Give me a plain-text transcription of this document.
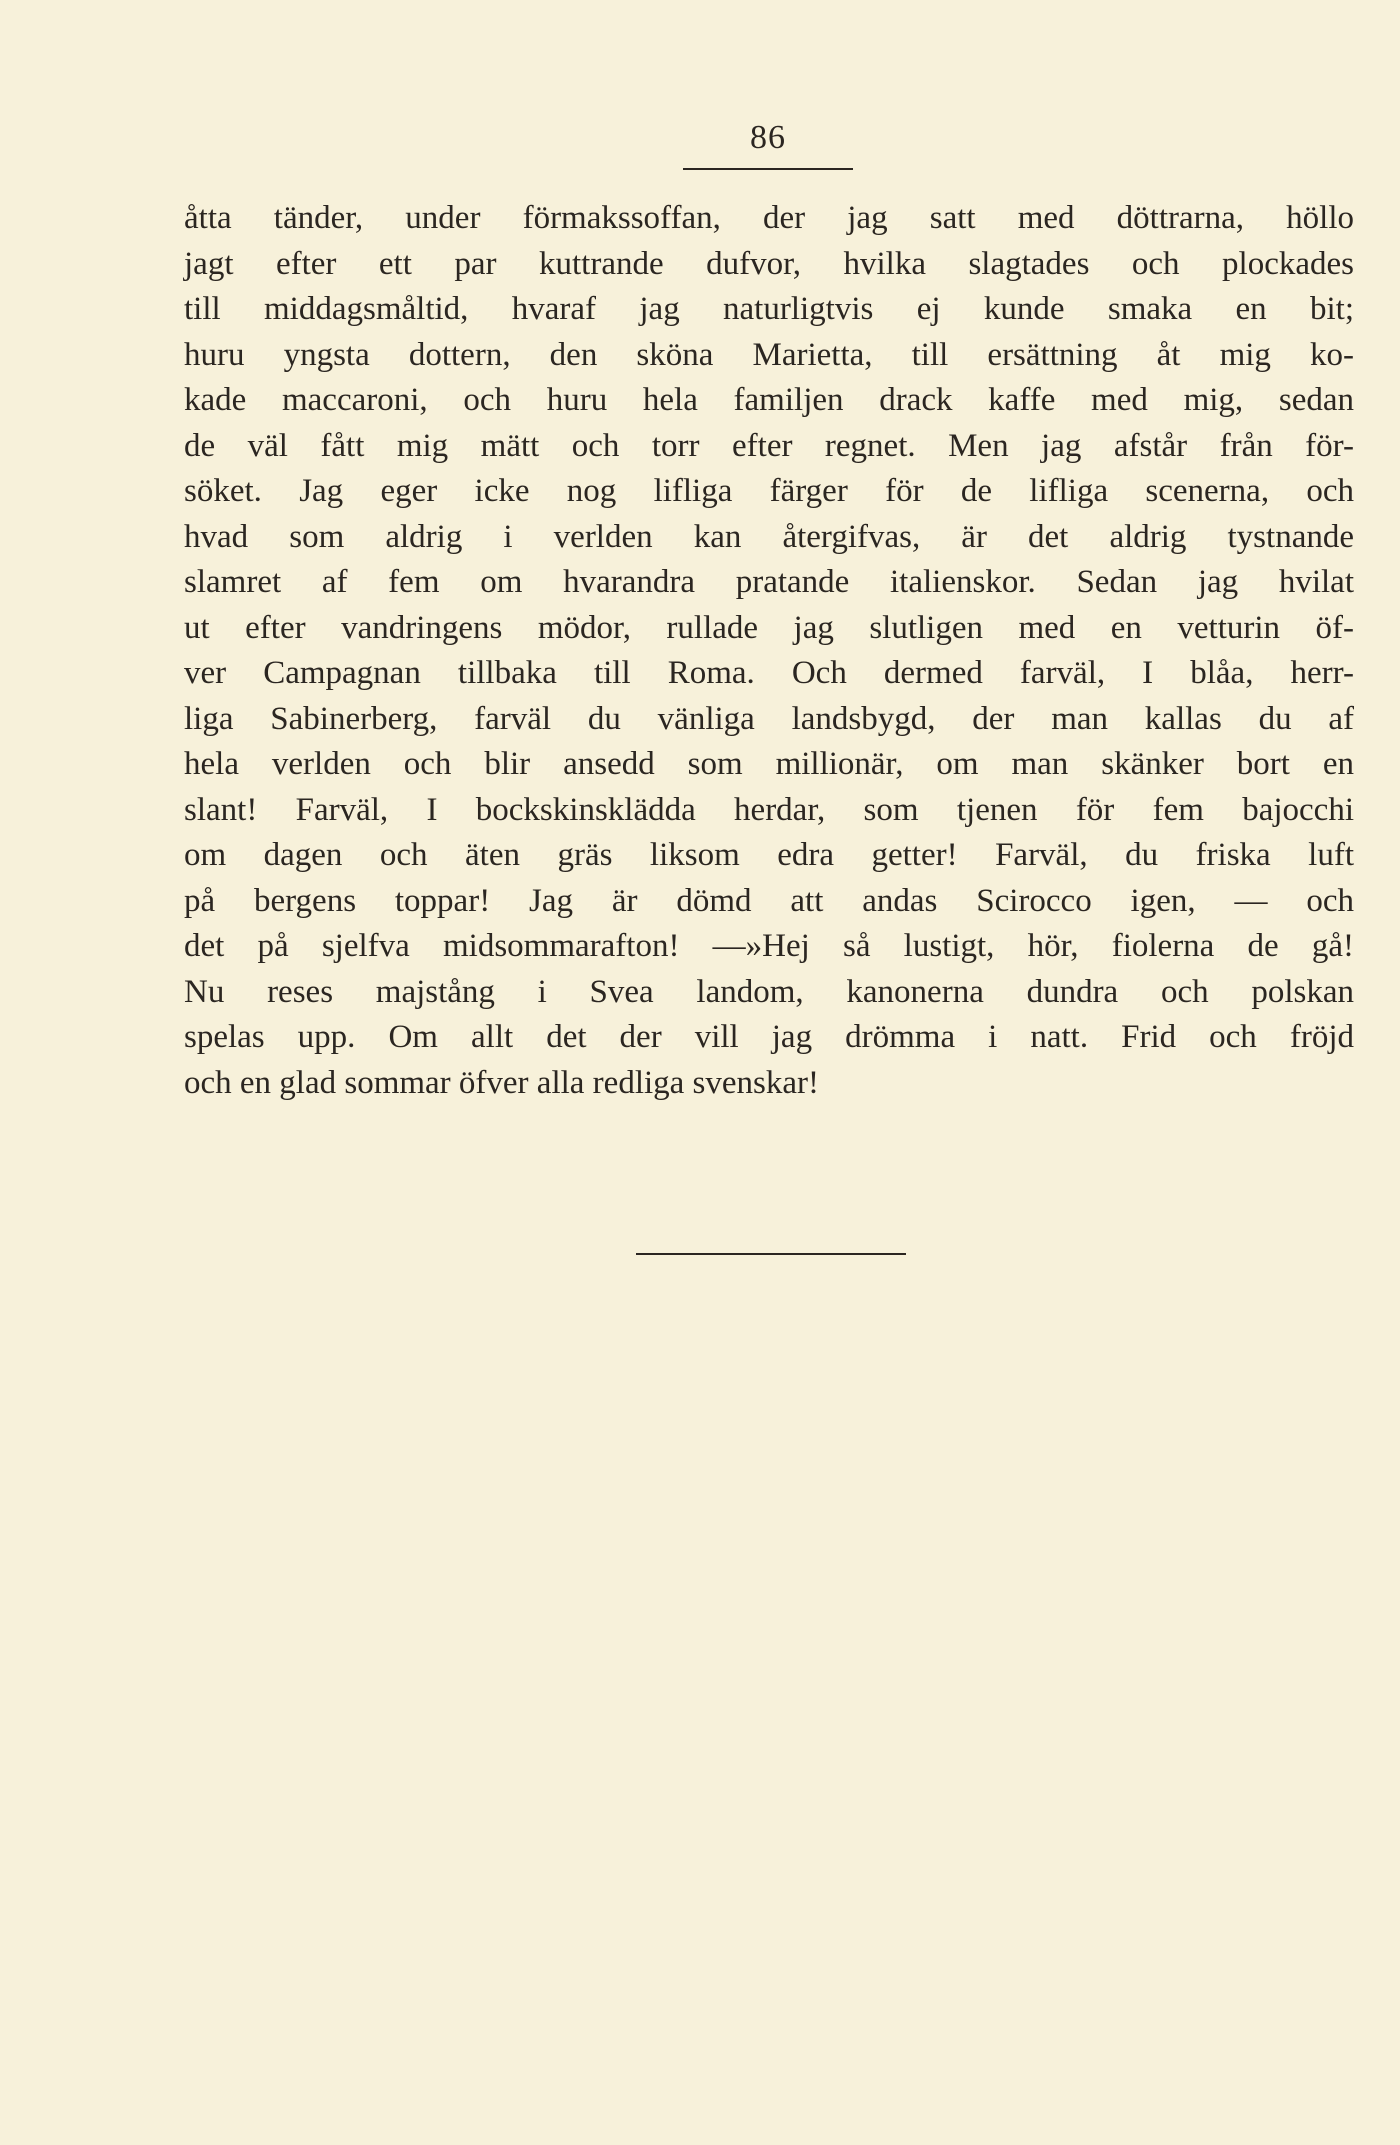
86
åtta tänder, under förmakssoffan, der jag satt med döttrarna, höllo
jagt efter ett par kuttrande dufvor, hvilka slagtades och plockades
till middagsmåltid, hvaraf jag naturligtvis ej kunde smaka en bit;
huru yngsta dottern, den sköna Marietta, till ersättning åt mig ko-
kade maccaroni, och huru hela familjen drack kaffe med mig, sedan
de väl fått mig mätt och torr efter regnet. Men jag afstår från för-
söket. Jag eger icke nog lifliga färger för de lifliga scenerna, och
hvad som aldrig i verlden kan återgifvas, är det aldrig tystnande
slamret af fem om hvarandra pratande italienskor. Sedan jag hvilat
ut efter vandringens mödor, rullade jag slutligen med en vetturin öf-
ver Campagnan tillbaka till Roma. Och dermed farväl, I blåa, herr-
liga Sabinerberg, farväl du vänliga landsbygd, der man kallas du af
hela verlden och blir ansedd som millionär, om man skänker bort en
slant! Farväl, I bockskinsklädda herdar, som tjenen för fem bajocchi
om dagen och äten gräs liksom edra getter! Farväl, du friska luft
på bergens toppar! Jag är dömd att andas Scirocco igen, — och
det på sjelfva midsommarafton! —»Hej så lustigt, hör, fiolerna de gå!
Nu reses majstång i Svea landom, kanonerna dundra och polskan
spelas upp. Om allt det der vill jag drömma i natt. Frid och fröjd
och en glad sommar öfver alla redliga svenskar!
